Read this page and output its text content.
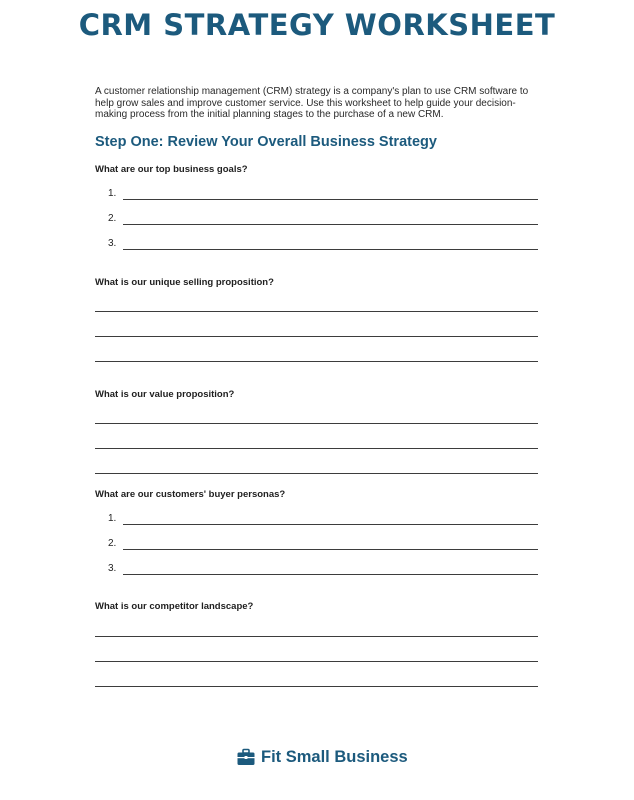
CRM STRATEGY WORKSHEET
A customer relationship management (CRM) strategy is a company's plan to use CRM software to help grow sales and improve customer service. Use this worksheet to help guide your decision-making process from the initial planning stages to the purchase of a new CRM.
Step One: Review Your Overall Business Strategy
What are our top business goals?
1.
2.
3.
What is our unique selling proposition?
What is our value proposition?
What are our customers' buyer personas?
1.
2.
3.
What is our competitor landscape?
Fit Small Business
